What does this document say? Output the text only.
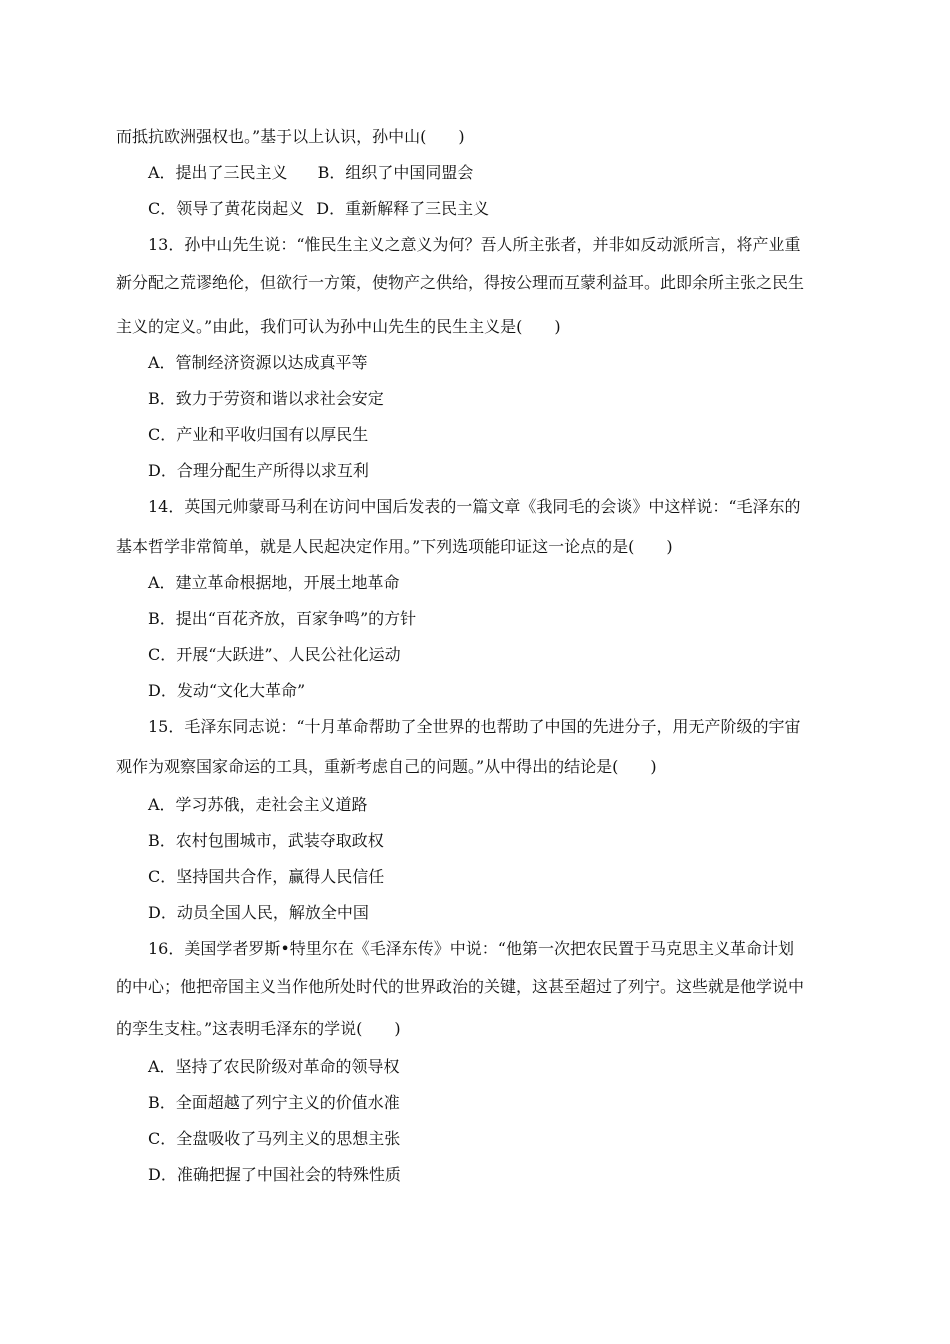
而抵抗欧洲强权也。”基于以上认识，孙中山(　　)
A．提出了三民主义 B．组织了中国同盟会
C．领导了黄花岗起义 D．重新解释了三民主义
13．孙中山先生说：“惟民生主义之意义为何？吾人所主张者，并非如反动派所言，将产业重
新分配之荒谬绝伦，但欲行一方策，使物产之供给，得按公理而互蒙利益耳。此即余所主张之民生
主义的定义。”由此，我们可认为孙中山先生的民生主义是(　　)
A．管制经济资源以达成真平等
B．致力于劳资和谐以求社会安定
C．产业和平收归国有以厚民生
D．合理分配生产所得以求互利
14．英国元帅蒙哥马利在访问中国后发表的一篇文章《我同毛的会谈》中这样说：“毛泽东的
基本哲学非常简单，就是人民起决定作用。”下列选项能印证这一论点的是(　　)
A．建立革命根据地，开展土地革命
B．提出“百花齐放，百家争鸣”的方针
C．开展“大跃进”、人民公社化运动
D．发动“文化大革命”
15．毛泽东同志说：“十月革命帮助了全世界的也帮助了中国的先进分子，用无产阶级的宇宙
观作为观察国家命运的工具，重新考虑自己的问题。”从中得出的结论是(　　)
A．学习苏俄，走社会主义道路
B．农村包围城市，武装夺取政权
C．坚持国共合作，赢得人民信任
D．动员全国人民，解放全中国
16．美国学者罗斯•特里尔在《毛泽东传》中说：“他第一次把农民置于马克思主义革命计划
的中心；他把帝国主义当作他所处时代的世界政治的关键，这甚至超过了列宁。这些就是他学说中
的孪生支柱。”这表明毛泽东的学说(　　)
A．坚持了农民阶级对革命的领导权
B．全面超越了列宁主义的价值水准
C．全盘吸收了马列主义的思想主张
D．准确把握了中国社会的特殊性质
